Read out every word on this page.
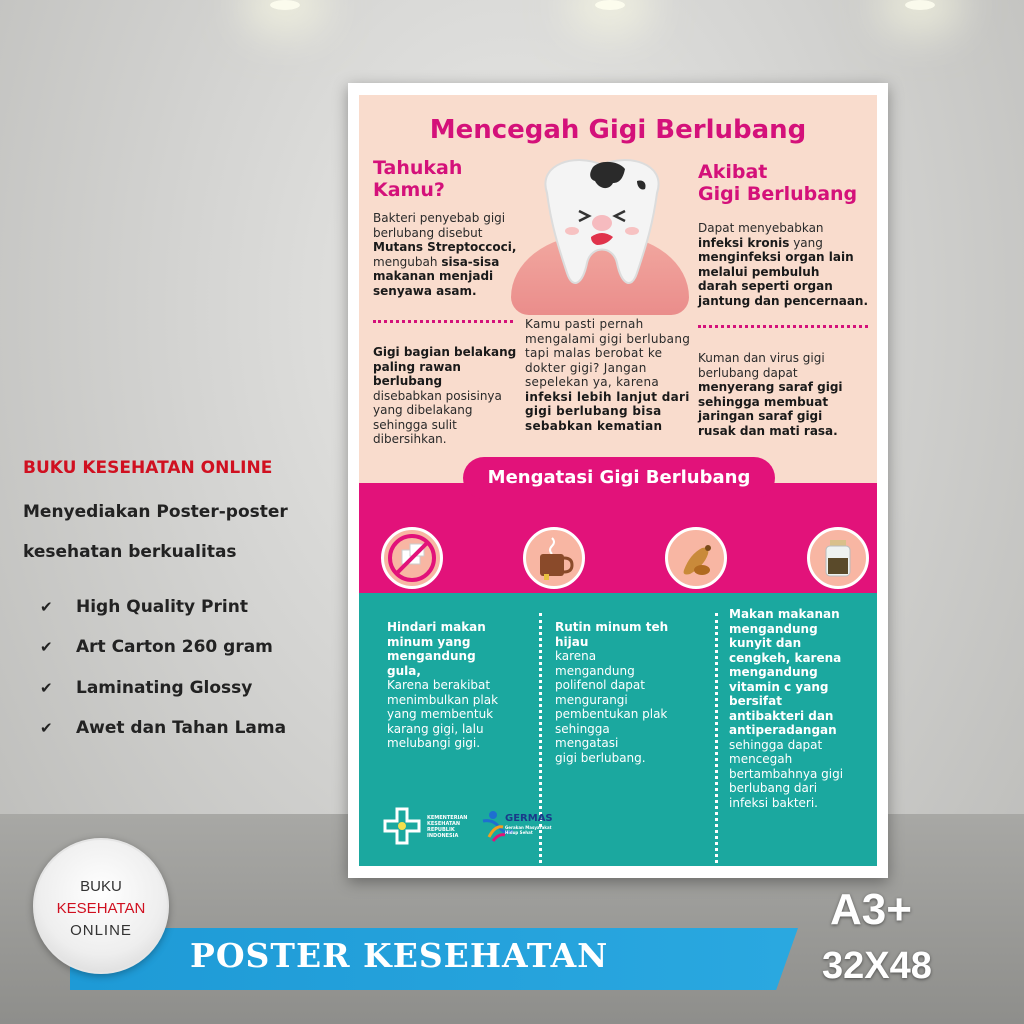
Mencegah Gigi Berlubang
Tahukah
Kamu?
Akibat
Gigi Berlubang
Bakteri penyebab gigi
berlubang disebut
Mutans Streptoccoci,
mengubah sisa-sisa
makanan menjadi
senyawa asam.
Gigi bagian belakang
paling rawan
berlubang
disebabkan posisinya
yang dibelakang
sehingga sulit
dibersihkan.
Kamu pasti pernah
mengalami gigi berlubang
tapi malas berobat ke
dokter gigi? Jangan
sepelekan ya, karena
infeksi lebih lanjut dari
gigi berlubang bisa
sebabkan kematian
Dapat menyebabkan
infeksi kronis yang
menginfeksi organ lain
melalui pembuluh
darah seperti organ
jantung dan pencernaan.
Kuman dan virus gigi
berlubang dapat
menyerang saraf gigi
sehingga membuat
jaringan saraf gigi
rusak dan mati rasa.
Mengatasi Gigi Berlubang
Hindari makan
minum yang
mengandung
gula,
Karena berakibat
menimbulkan plak
yang membentuk
karang gigi, lalu
melubangi gigi.
Rutin minum teh
hijau
karena
mengandung
polifenol dapat
mengurangi
pembentukan plak
sehingga
mengatasi
gigi berlubang.
Makan makanan
mengandung
kunyit dan
cengkeh, karena
mengandung
vitamin c yang
bersifat
antibakteri dan
antiperadangan
sehingga dapat
mencegah
bertambahnya gigi
berlubang dari
infeksi bakteri.
KEMENTERIAN
KESEHATAN
REPUBLIK
INDONESIA
GERMAS
Gerakan Masyarakat
Hidup Sehat
BUKU KESEHATAN ONLINE
Menyediakan Poster-poster
kesehatan berkualitas
✔	High Quality Print
✔	Art Carton 260 gram
✔	Laminating Glossy
✔	Awet dan Tahan Lama
POSTER KESEHATAN
BUKU
KESEHATAN
ONLINE	A3+
32X48
